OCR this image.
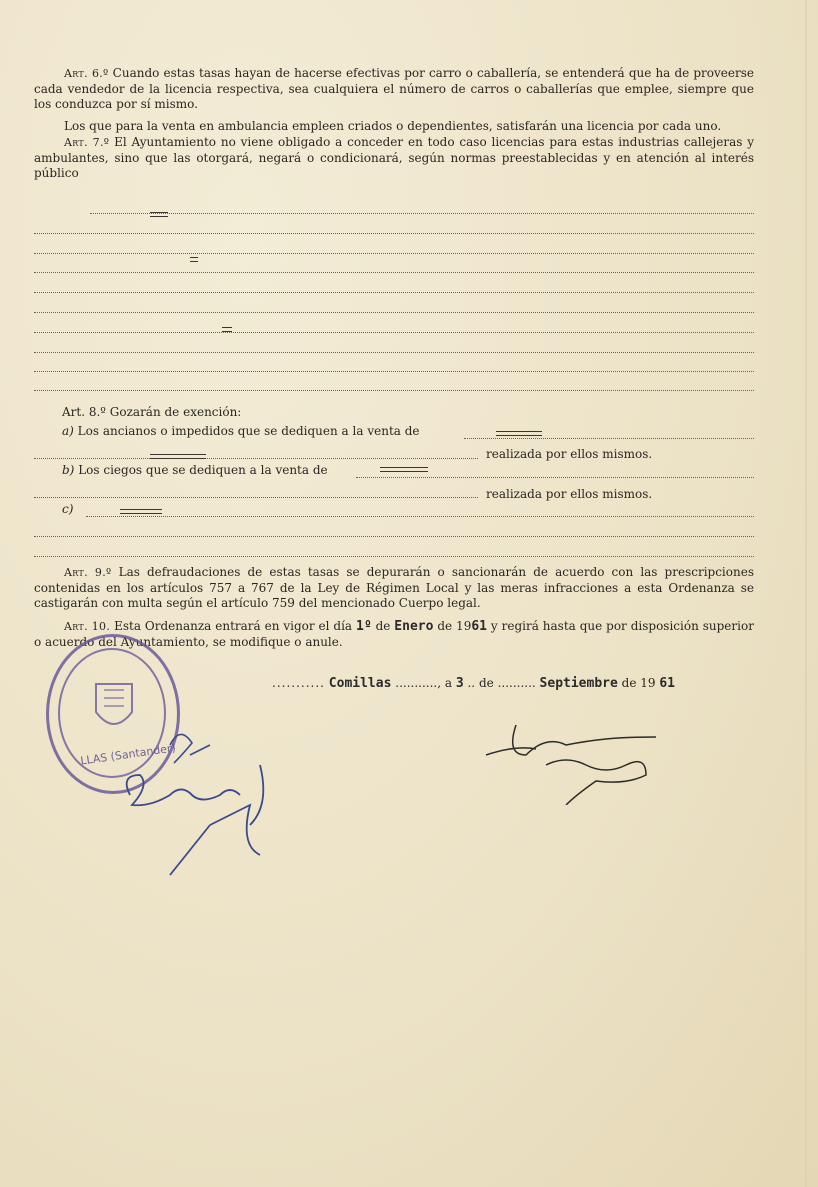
Art. 6.º Cuando estas tasas hayan de hacerse efectivas por carro o caballería, se entenderá que ha de proveerse cada vendedor de la licencia respectiva, sea cualquiera el número de carros o caballerías que emplee, siempre que los conduzca por sí mismo.

Los que para la venta en ambulancia empleen criados o dependientes, satisfarán una licencia por cada uno.

Art. 7.º El Ayuntamiento no viene obligado a conceder en todo caso licencias para estas industrias callejeras y ambulantes, sino que las otorgará, negará o condicionará, según normas preestablecidas y en atención al interés público

Art. 8.º Gozarán de exención:
a) Los ancianos o impedidos que se dediquen a la venta de
realizada por ellos mismos.
b) Los ciegos que se dediquen a la venta de
realizada por ellos mismos.
c)

Art. 9.º Las defraudaciones de estas tasas se depurarán o sancionarán de acuerdo con las prescripciones contenidas en los artículos 757 a 767 de la Ley de Régimen Local y las meras infracciones a esta Ordenanza se castigarán con multa según el artículo 759 del mencionado Cuerpo legal.

Art. 10. Esta Ordenanza entrará en vigor el día 1º de Enero de 1961 y regirá hasta que por disposición superior o acuerdo del Ayuntamiento, se modifique o anule.

........... Comillas ..........., a 3 .. de .......... Septiembre de 19 61
LLAS (Santander)
